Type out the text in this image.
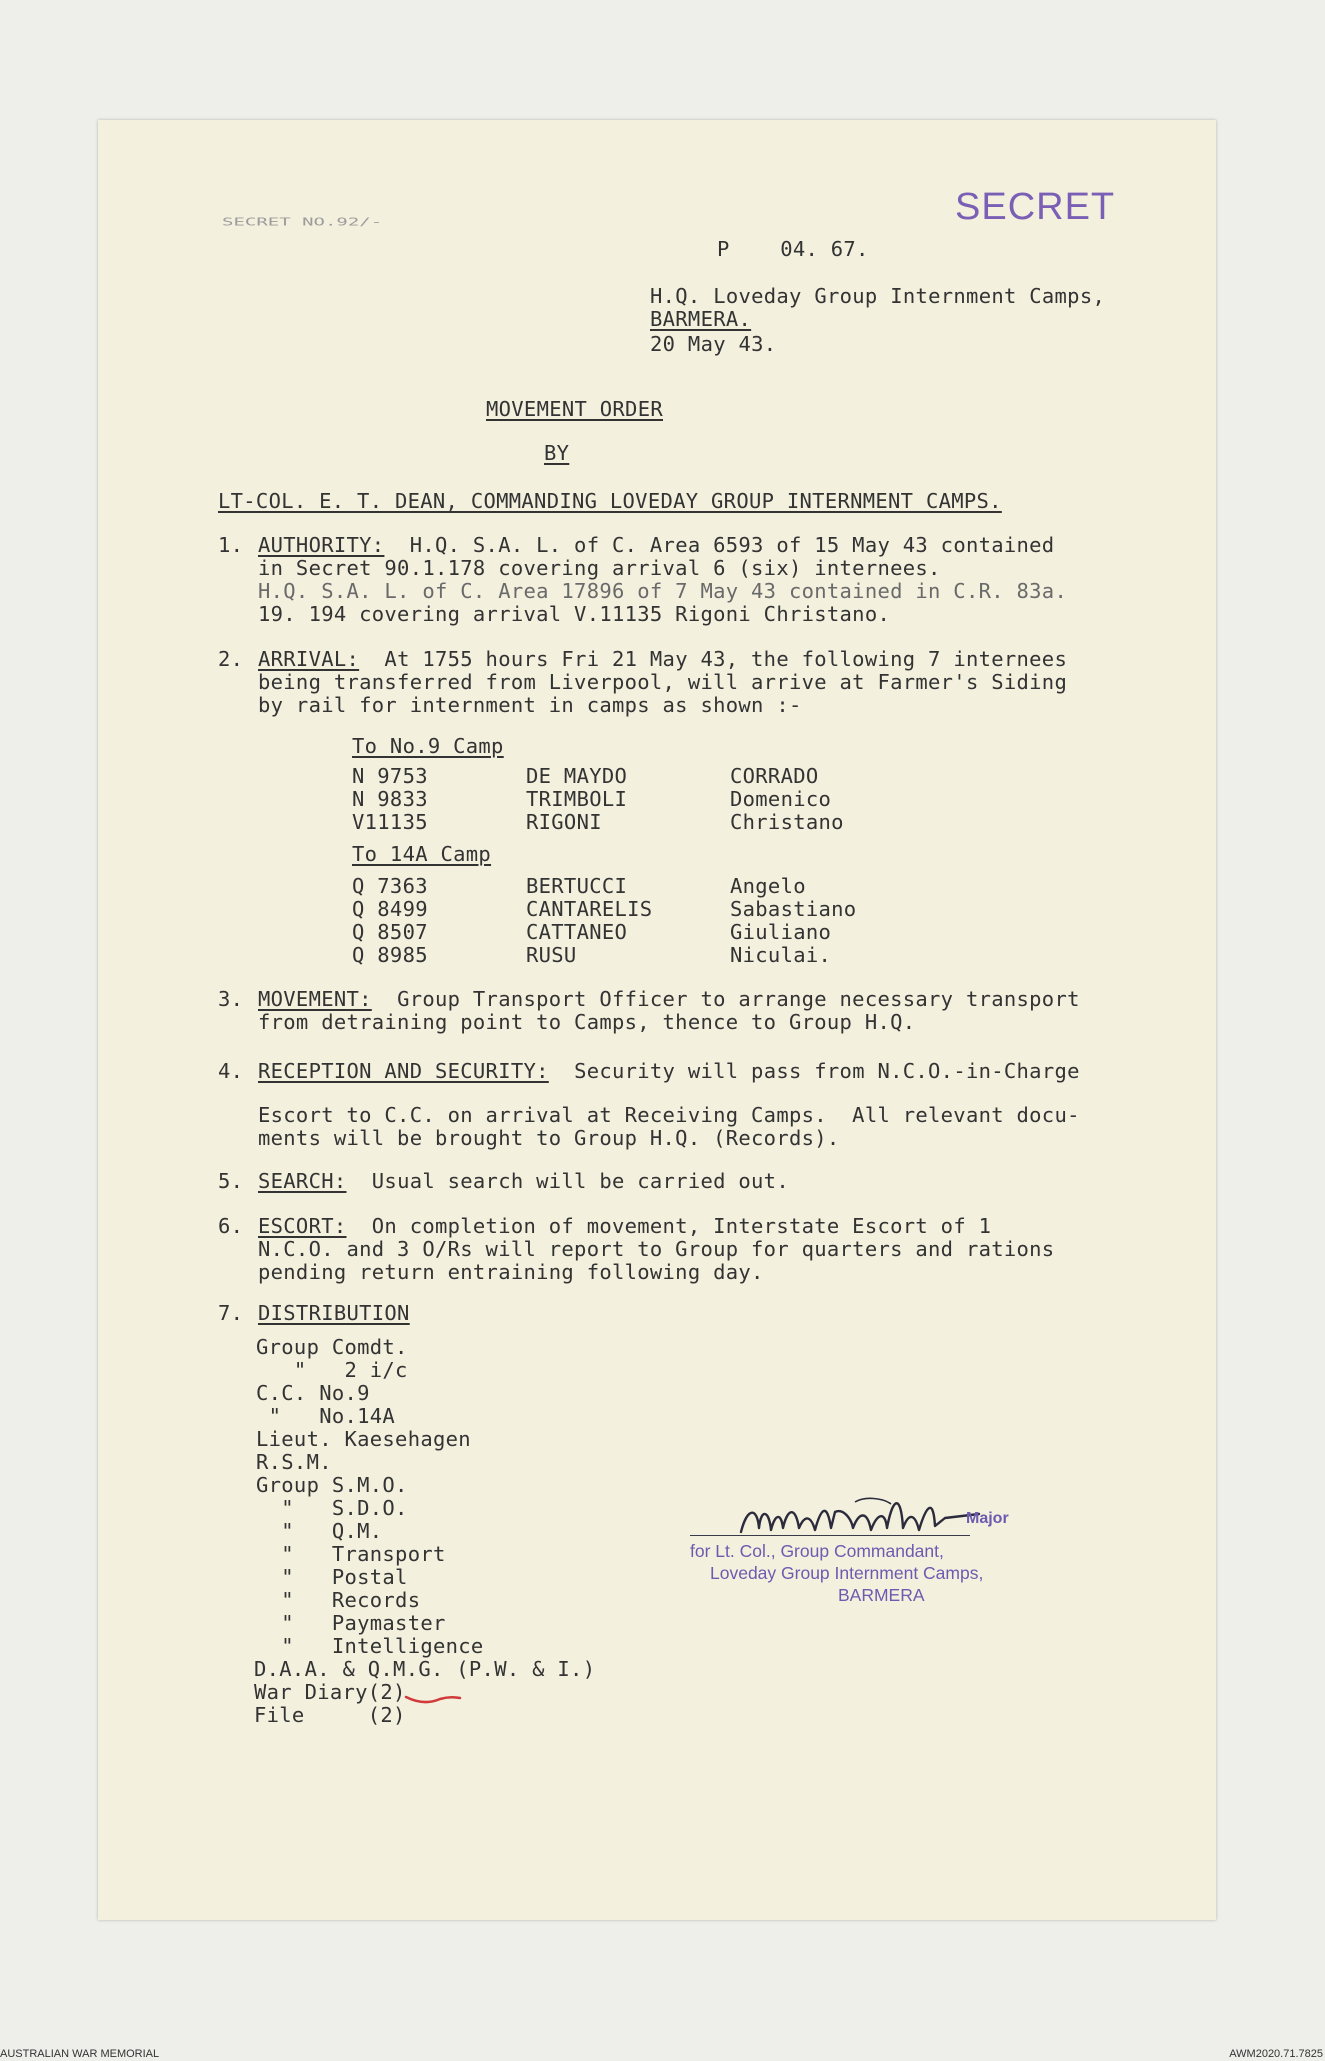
SECRET
SECRET NO.92/-
P    04. 67.
H.Q. Loveday Group Internment Camps,
BARMERA.
20 May 43.
MOVEMENT ORDER
BY
LT-COL. E. T. DEAN, COMMANDING LOVEDAY GROUP INTERNMENT CAMPS.
1. AUTHORITY:  H.Q. S.A. L. of C. Area 6593 of 15 May 43 contained
in Secret 90.1.178 covering arrival 6 (six) internees.
H.Q. S.A. L. of C. Area 17896 of 7 May 43 contained in C.R. 83a.
19. 194 covering arrival V.11135 Rigoni Christano.
2. ARRIVAL:  At 1755 hours Fri 21 May 43, the following 7 internees
being transferred from Liverpool, will arrive at Farmer's Siding
by rail for internment in camps as shown :-
To No.9 Camp
N 9753	DE MAYDO	CORRADO
N 9833	TRIMBOLI	Domenico
V11135	RIGONI	Christano
To 14A Camp
Q 7363	BERTUCCI	Angelo
Q 8499	CANTARELIS	Sabastiano
Q 8507	CATTANEO	Giuliano
Q 8985	RUSU	Niculai.
3. MOVEMENT:  Group Transport Officer to arrange necessary transport
from detraining point to Camps, thence to Group H.Q.
4. RECEPTION AND SECURITY:  Security will pass from N.C.O.-in-Charge
Escort to C.C. on arrival at Receiving Camps.  All relevant docu-
ments will be brought to Group H.Q. (Records).
5. SEARCH:  Usual search will be carried out.
6. ESCORT:  On completion of movement, Interstate Escort of 1
N.C.O. and 3 O/Rs will report to Group for quarters and rations
pending return entraining following day.
7. DISTRIBUTION
Group Comdt.
"   2 i/c
C.C. No.9
"   No.14A
Lieut. Kaesehagen
R.S.M.
Group S.M.O.
"   S.D.O.
"   Q.M.
"   Transport
"   Postal
"   Records
"   Paymaster
"   Intelligence
D.A.A. & Q.M.G. (P.W. & I.)
War Diary(2)
File     (2)
Major
for Lt. Col., Group Commandant,
Loveday Group Internment Camps,
BARMERA
AUSTRALIAN WAR MEMORIAL	AWM2020.71.7825
